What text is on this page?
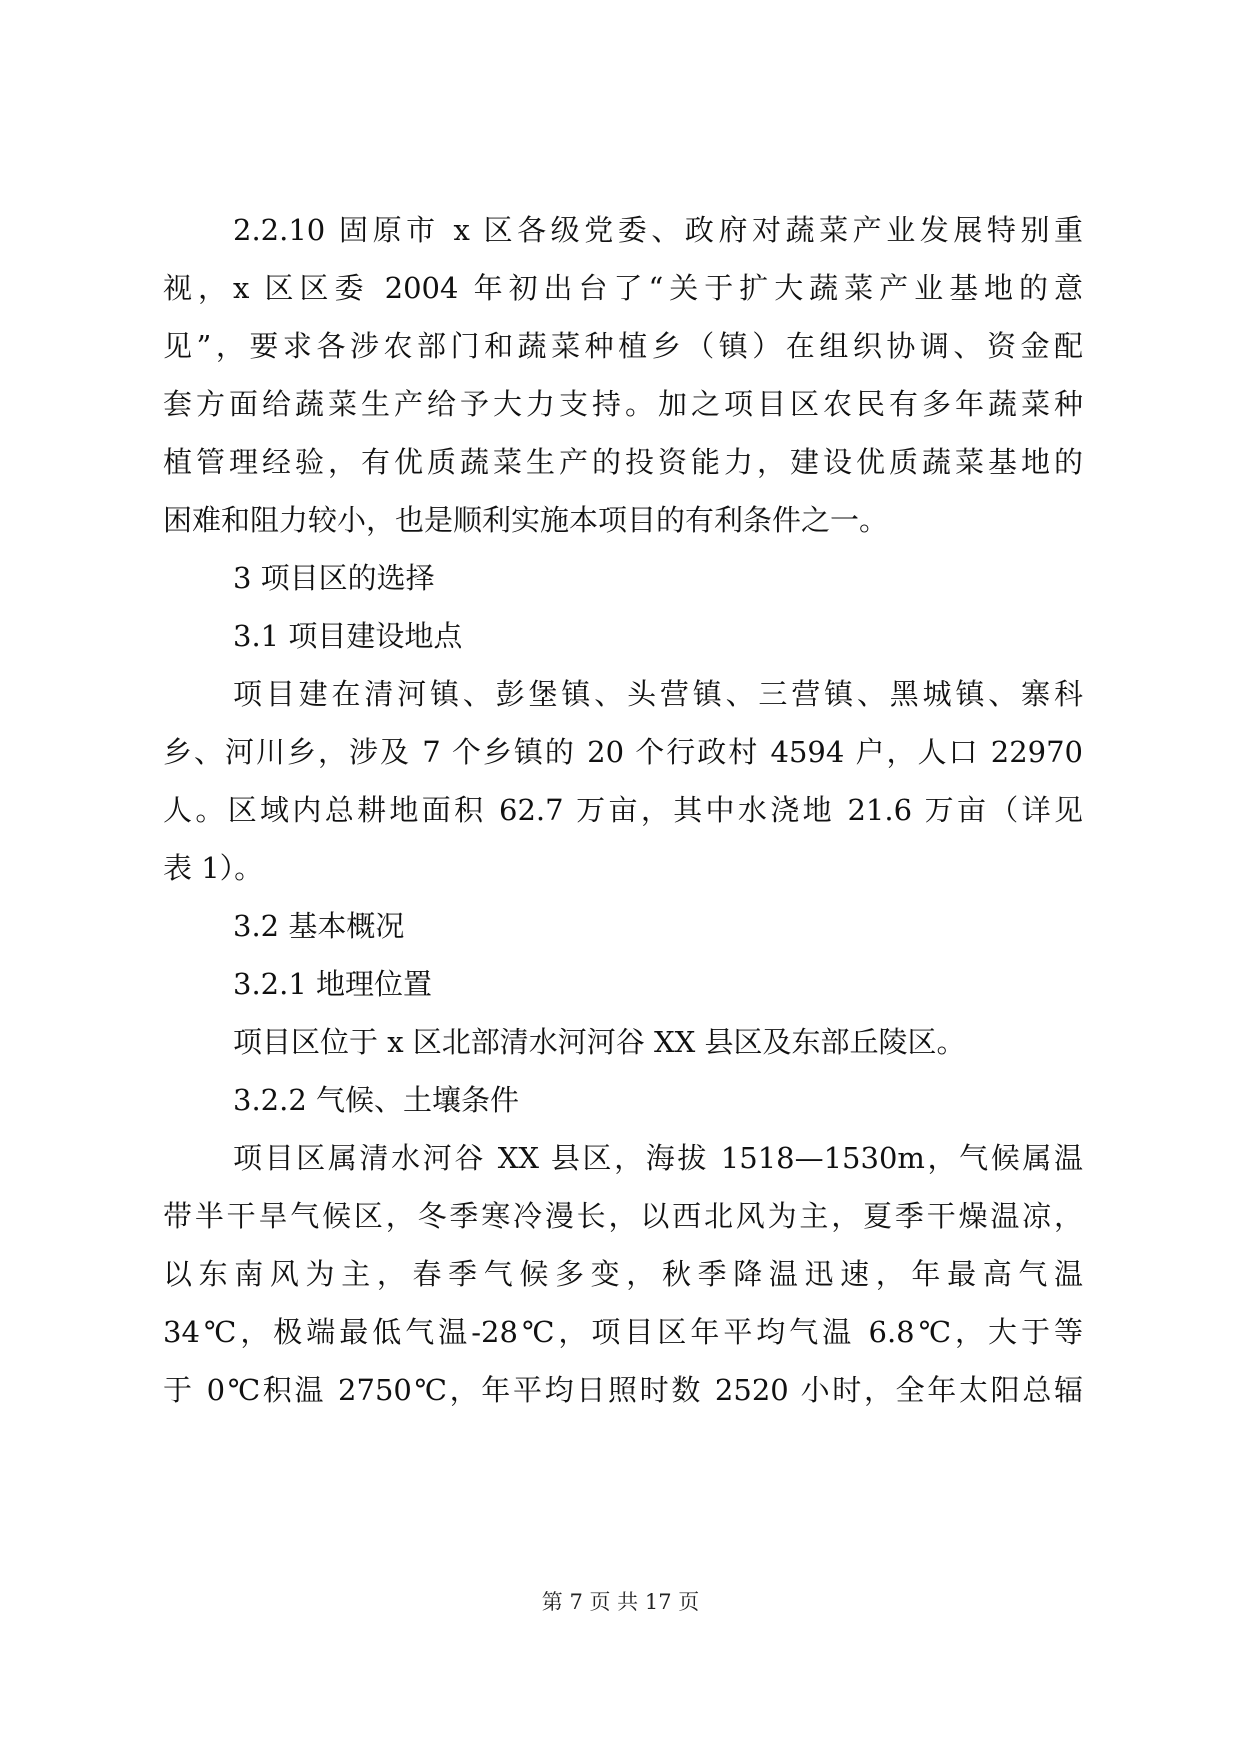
2.2.10 固原市 x 区各级党委、政府对蔬菜产业发展特别重
视，x 区区委 2004 年初出台了“关于扩大蔬菜产业基地的意
见”，要求各涉农部门和蔬菜种植乡（镇）在组织协调、资金配
套方面给蔬菜生产给予大力支持。加之项目区农民有多年蔬菜种
植管理经验，有优质蔬菜生产的投资能力，建设优质蔬菜基地的
困难和阻力较小，也是顺利实施本项目的有利条件之一。
3 项目区的选择
3.1 项目建设地点
项目建在清河镇、彭堡镇、头营镇、三营镇、黑城镇、寨科
乡、河川乡，涉及 7 个乡镇的 20 个行政村 4594 户，人口 22970
人。区域内总耕地面积 62.7 万亩，其中水浇地 21.6 万亩（详见
表 1）。
3.2 基本概况
3.2.1 地理位置
项目区位于 x 区北部清水河河谷 XX 县区及东部丘陵区。
3.2.2 气候、土壤条件
项目区属清水河谷 XX 县区，海拔 1518—1530m，气候属温
带半干旱气候区，冬季寒冷漫长，以西北风为主，夏季干燥温凉，
以东南风为主，春季气候多变，秋季降温迅速，年最高气温
34℃，极端最低气温-28℃，项目区年平均气温 6.8℃，大于等
于 0℃积温 2750℃，年平均日照时数 2520 小时，全年太阳总辐
第 7 页 共 17 页
